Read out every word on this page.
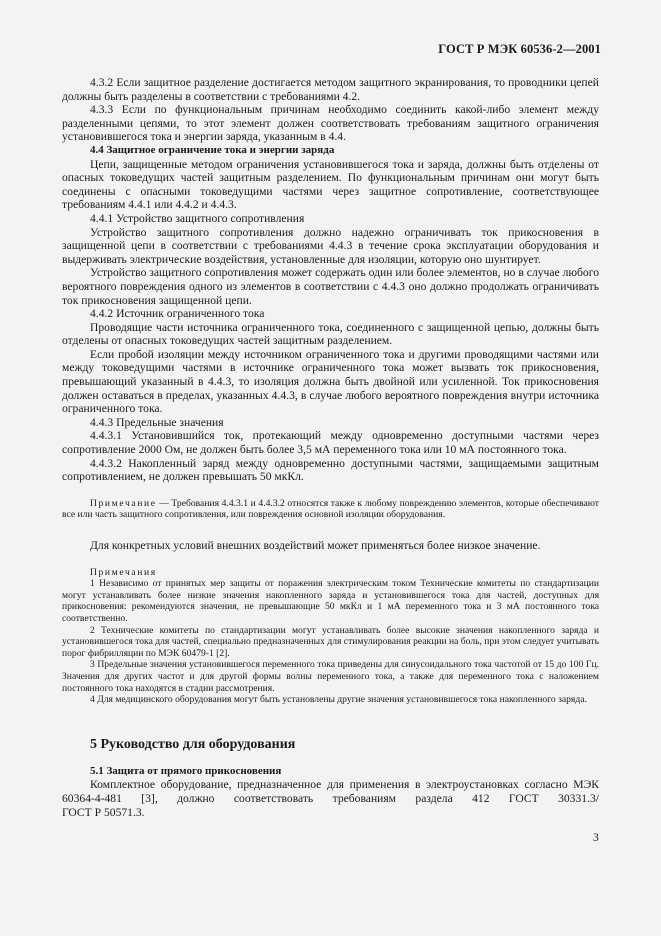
ГОСТ Р МЭК 60536-2—2001

4.3.2 Если защитное разделение достигается методом защитного экранирования, то проводники цепей должны быть разделены в соответствии с требованиями 4.2.

4.3.3 Если по функциональным причинам необходимо соединить какой-либо элемент между разделенными цепями, то этот элемент должен соответствовать требованиям защитного ограничения установившегося тока и энергии заряда, указанным в 4.4.

4.4 Защитное ограничение тока и энергии заряда

Цепи, защищенные методом ограничения установившегося тока и заряда, должны быть отделены от опасных токоведущих частей защитным разделением. По функциональным причинам они могут быть соединены с опасными токоведущими частями через защитное сопротивление, соответствующее требованиям 4.4.1 или 4.4.2 и 4.4.3.

4.4.1 Устройство защитного сопротивления

Устройство защитного сопротивления должно надежно ограничивать ток прикосновения в защищенной цепи в соответствии с требованиями 4.4.3 в течение срока эксплуатации оборудования и выдерживать электрические воздействия, установленные для изоляции, которую оно шунтирует.

Устройство защитного сопротивления может содержать один или более элементов, но в случае любого вероятного повреждения одного из элементов в соответствии с 4.4.3 оно должно продолжать ограничивать ток прикосновения защищенной цепи.

4.4.2 Источник ограниченного тока

Проводящие части источника ограниченного тока, соединенного с защищенной цепью, должны быть отделены от опасных токоведущих частей защитным разделением.

Если пробой изоляции между источником ограниченного тока и другими проводящими частями или между токоведущими частями в источнике ограниченного тока может вызвать ток прикосновения, превышающий указанный в 4.4.3, то изоляция должна быть двойной или усиленной. Ток прикосновения должен оставаться в пределах, указанных 4.4.3, в случае любого вероятного повреждения внутри источника ограниченного тока.

4.4.3 Предельные значения

4.4.3.1 Установившийся ток, протекающий между одновременно доступными частями через сопротивление 2000 Ом, не должен быть более 3,5 мА переменного тока или 10 мА постоянного тока.

4.4.3.2 Накопленный заряд между одновременно доступными частями, защищаемыми защитным сопротивлением, не должен превышать 50 мкКл.

Примечание — Требования 4.4.3.1 и 4.4.3.2 относятся также к любому повреждению элементов, которые обеспечивают все или часть защитного сопротивления, или повреждения основной изоляции оборудования.

Для конкретных условий внешних воздействий может применяться более низкое значение.

Примечания

1 Независимо от принятых мер защиты от поражения электрическим током Технические комитеты по стандартизации могут устанавливать более низкие значения накопленного заряда и установившегося тока для частей, доступных для прикосновения: рекомендуются значения, не превышающие 50 мкКл и 1 мА переменного тока и 3 мА постоянного тока соответственно.

2 Технические комитеты по стандартизации могут устанавливать более высокие значения накопленного заряда и установившегося тока для частей, специально предназначенных для стимулирования реакции на боль, при этом следует учитывать порог фибрилляции по МЭК 60479-1 [2].

3 Предельные значения установившегося переменного тока приведены для синусоидального тока частотой от 15 до 100 Гц. Значения для других частот и для другой формы волны переменного тока, а также для переменного тока с наложением постоянного тока находятся в стадии рассмотрения.

4 Для медицинского оборудования могут быть установлены другие значения установившегося тока накопленного заряда.

5 Руководство для оборудования

5.1 Защита от прямого прикосновения

Комплектное оборудование, предназначенное для применения в электроустановках согласно МЭК 60364-4-481 [3], должно соответствовать требованиям раздела 412 ГОСТ 30331.3/

ГОСТ Р 50571.3.

3
